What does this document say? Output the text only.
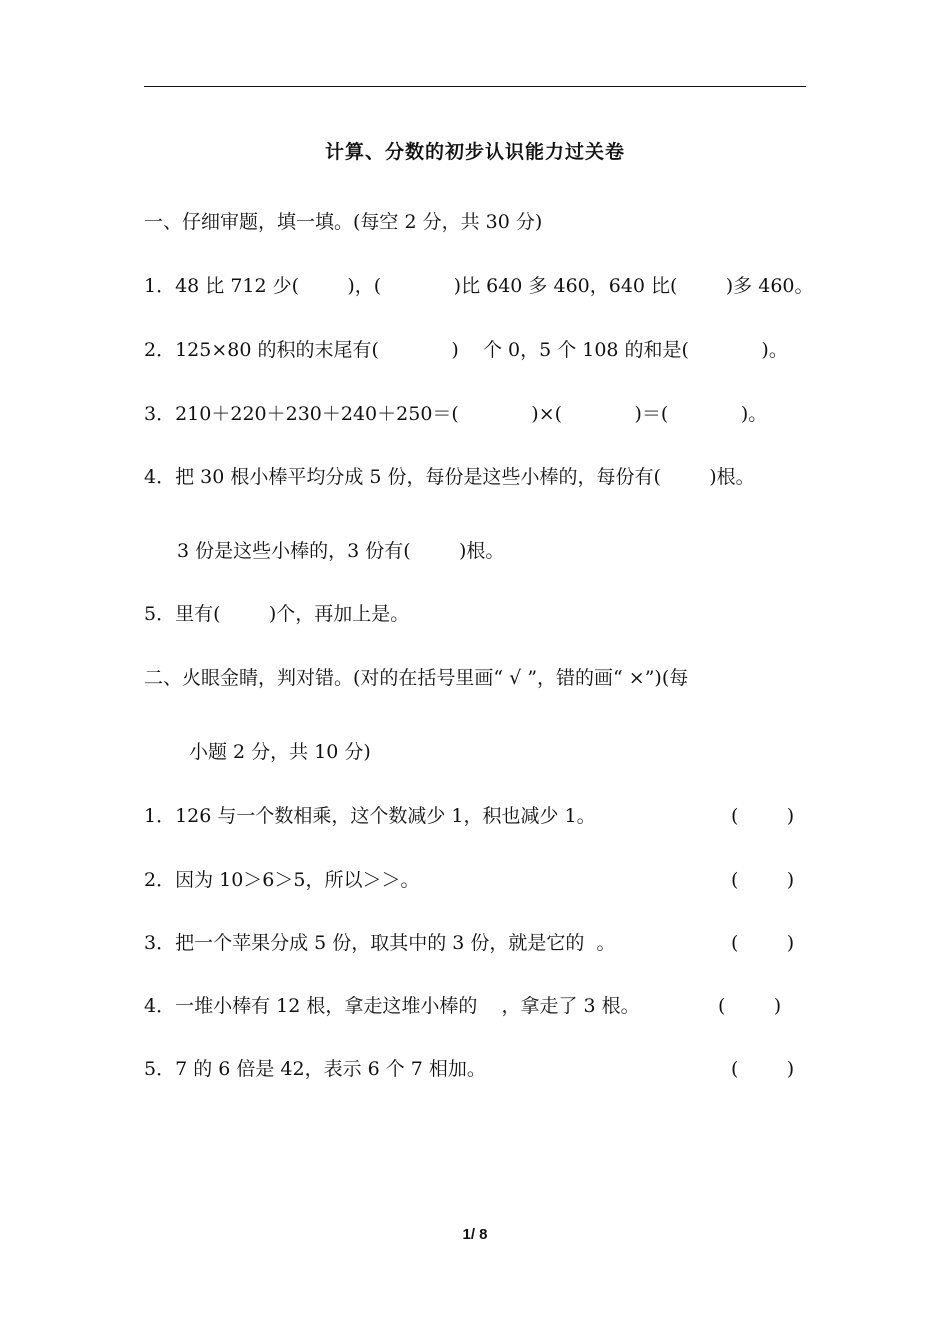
计算、分数的初步认识能力过关卷
一、仔细审题，填一填。(每空 2 分，共 30 分)
1．48 比 712 少(        )，(            )比 640 多 460，640 比(        )多 460。
2．125×80 的积的末尾有(            )    个 0，5 个 108 的和是(            )。
3．210＋220＋230＋240＋250＝(            )×(            )＝(            )。
4．把 30 根小棒平均分成 5 份，每份是这些小棒的，每份有(        )根。
3 份是这些小棒的，3 份有(        )根。
5．里有(        )个，再加上是。
二、火眼金睛，判对错。(对的在括号里画“ √ ”，错的画“ ×”)(每
小题 2 分，共 10 分)
1．126 与一个数相乘，这个数减少 1，积也减少 1。	(        )
2．因为 10＞6＞5，所以＞＞。	(        )
3．把一个苹果分成 5 份，取其中的 3 份，就是它的  。	(        )
4．一堆小棒有 12 根，拿走这堆小棒的    ，拿走了 3 根。	(        )
5．7 的 6 倍是 42，表示 6 个 7 相加。	(        )
1/ 8
